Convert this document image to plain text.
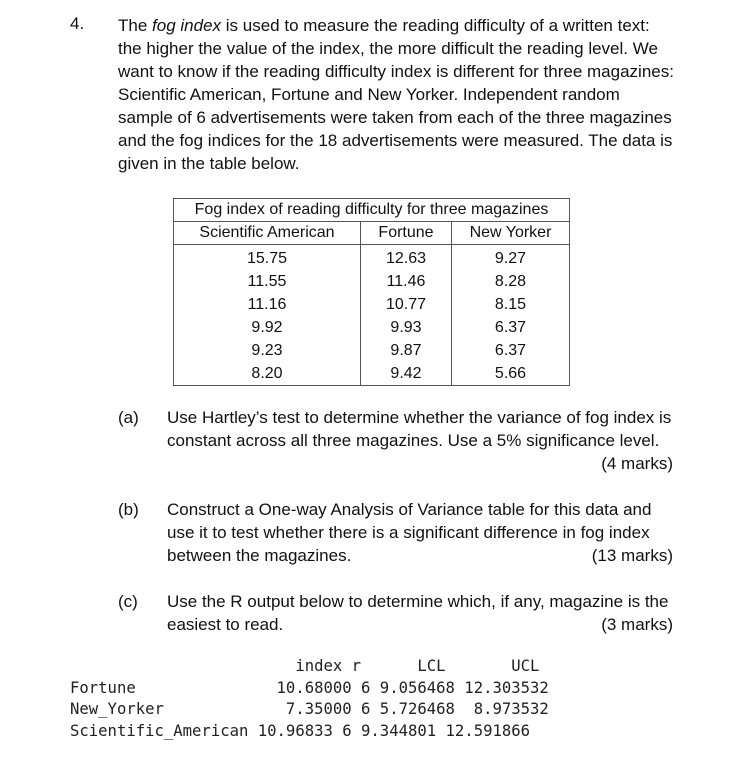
4. The fog index is used to measure the reading difficulty of a written text: the higher the value of the index, the more difficult the reading level. We want to know if the reading difficulty index is different for three magazines: Scientific American, Fortune and New Yorker. Independent random sample of 6 advertisements were taken from each of the three magazines and the fog indices for the 18 advertisements were measured. The data is given in the table below.
Fog index of reading difficulty for three magazines		
Scientific American	Fortune	New Yorker
15.75	12.63	9.27
11.55	11.46	8.28
11.16	10.77	8.15
9.92	9.93	6.37
9.23	9.87	6.37
8.20	9.42	5.66
(a) Use Hartley’s test to determine whether the variance of fog index is constant across all three magazines. Use a 5% significance level.
(4 marks)
(b) Construct a One-way Analysis of Variance table for this data and use it to test whether there is a significant difference in fog index between the magazines.	(13 marks)
(c) Use the R output below to determine which, if any, magazine is the easiest to read.	(3 marks)
index r      LCL       UCL
Fortune               10.68000 6 9.056468 12.303532
New_Yorker             7.35000 6 5.726468  8.973532
Scientific_American 10.96833 6 9.344801 12.591866
